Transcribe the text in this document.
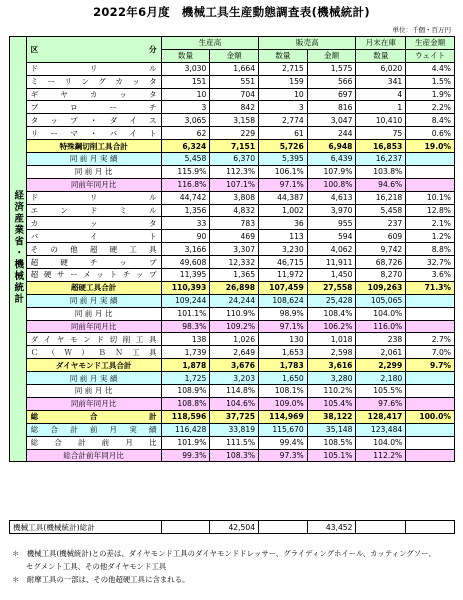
2022年6月度　機械工具生産動態調査表(機械統計)
単位：千個・百万円
経済産業省・機械統計	区 分	生産高		販売高		月末在庫	生産金額
		数量	金額	数量	金額	数量	ウェイト
	ド リ ル	3,030	1,664	2,715	1,575	6,020	4.4%
	ミーリングカッタ	151	551	159	566	341	1.5%
	ギ ヤ カ ッ タ	10	704	10	697	4	1.9%
	ブ ロ ー チ	3	842	3	816	1	2.2%
	タップ・ダイス	3,065	3,158	2,774	3,047	10,410	8.4%
	リーマ・バイト	62	229	61	244	75	0.6%
	特殊鋼切削工具合計	6,324	7,151	5,726	6,948	16,853	19.0%
	同 前 月 実 績	5,458	6,370	5,395	6,439	16,237	
	同 前 月 比	115.9%	112.3%	106.1%	107.9%	103.8%	
	同前年同月比	116.8%	107.1%	97.1%	100.8%	94.6%	
	ド リ ル	44,742	3,808	44,387	4,613	16,218	10.1%
	エ ン ド ミ ル	1,356	4,832	1,002	3,970	5,458	12.8%
	カ ッ タ	33	783	36	955	237	2.1%
	バ イ ト	90	469	113	594	609	1.2%
	その他超硬工具	3,166	3,307	3,230	4,062	9,742	8.8%
	超 硬 チ ッ プ	49,608	12,332	46,715	11,911	68,726	32.7%
	超硬サーメットチップ	11,395	1,365	11,972	1,450	8,270	3.6%
	超硬工具合計	110,393	26,898	107,459	27,558	109,263	71.3%
	同 前 月 実 績	109,244	24,244	108,624	25,428	105,065	
	同 前 月 比	101.1%	110.9%	98.9%	108.4%	104.0%	
	同前年同月比	98.3%	109.2%	97.1%	106.2%	116.0%	
	ダイヤモンド切削工具	138	1,026	130	1,018	238	2.7%
	Ｃ（Ｗ）ＢＮ工具	1,739	2,649	1,653	2,598	2,061	7.0%
	ダイヤモンド工具合計	1,878	3,676	1,783	3,616	2,299	9.7%
	同 前 月 実 績	1,725	3,203	1,650	3,280	2,180	
	同 前 月 比	108.9%	114.8%	108.1%	110.2%	105.5%	
	同前年同月比	108.8%	104.6%	109.0%	105.4%	97.6%	
	総 合 計	118,596	37,725	114,969	38,122	128,417	100.0%
	総合計前月実績	116,428	33,819	115,670	35,148	123,484	
	総 合 計 前 月 比	101.9%	111.5%	99.4%	108.5%	104.0%	
	総合計前年同月比	99.3%	108.3%	97.3%	105.1%	112.2%	
機械工具(機械統計)総計		42,504		43,452		
＊　 機械工具(機械統計)との差は、ダイヤモンド工具のダイヤモンドドレッサー、グライディングホイール、カッティングソー、
セグメント工具、その他ダイヤモンド工具
＊　 耐摩工具の一部は、その他超硬工具に含まれる。
